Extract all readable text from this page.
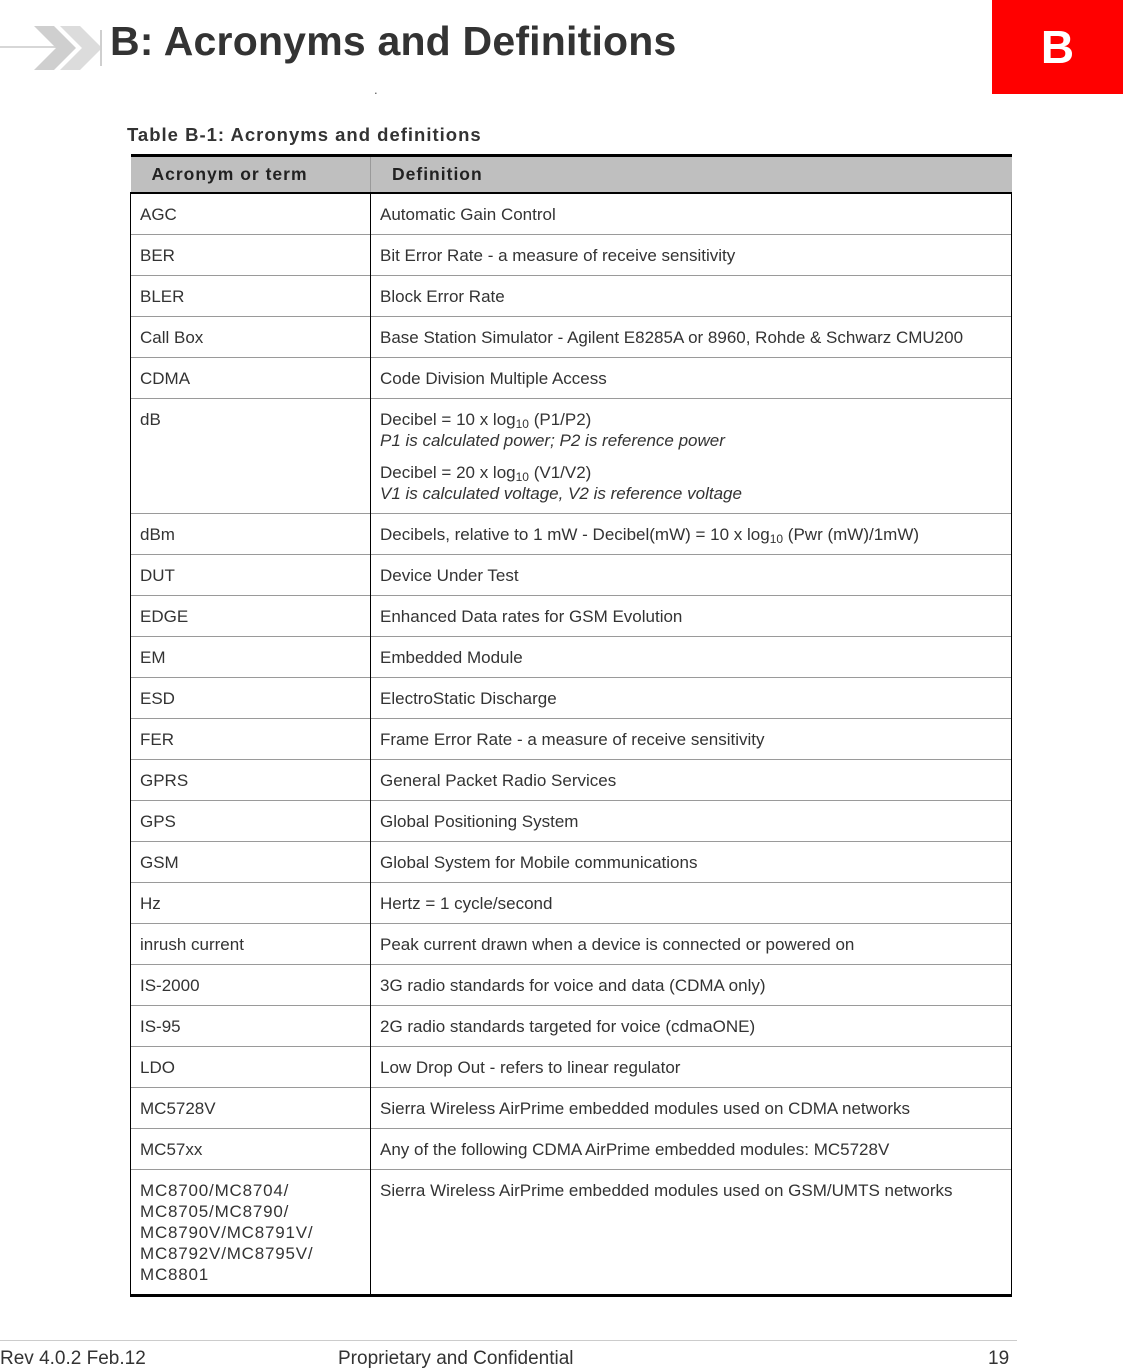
B: Acronyms and Definitions	B
.
Table B-1: Acronyms and definitions
Acronym or term	Definition
AGC	Automatic Gain Control
BER	Bit Error Rate - a measure of receive sensitivity
BLER	Block Error Rate
Call Box	Base Station Simulator - Agilent E8285A or 8960, Rohde & Schwarz CMU200
CDMA	Code Division Multiple Access
dB	Decibel = 10 x $\log_{10} (P1/P2)$
P1 is calculated power; P2 is reference power
Decibel = 20 x $\log_{10} (V1/V2)$
V1 is calculated voltage, V2 is reference voltage

dBm	Decibels, relative to 1 mW - Decibel(mW) = 10 x $\log_{10} (Pwr$ (mW)/1mW)
DUT	Device Under Test
EDGE	Enhanced Data rates for GSM Evolution
EM	Embedded Module
ESD	ElectroStatic Discharge
FER	Frame Error Rate - a measure of receive sensitivity
GPRS	General Packet Radio Services
GPS	Global Positioning System
GSM	Global System for Mobile communications
Hz	Hertz = 1 cycle/second
inrush current	Peak current drawn when a device is connected or powered on
IS-2000	3G radio standards for voice and data (CDMA only)
IS-95	2G radio standards targeted for voice (cdmaONE)
LDO	Low Drop Out - refers to linear regulator
MC5728V	Sierra Wireless AirPrime embedded modules used on CDMA networks
MC57xx	Any of the following CDMA AirPrime embedded modules: MC5728V
MC8700/MC8704/ MC8705/MC8790/ MC8790V/MC8791V/ MC8792V/MC8795V/ MC8801	Sierra Wireless AirPrime embedded modules used on GSM/UMTS networks
Rev 4.0.2 Feb.12	Proprietary and Confidential	19
